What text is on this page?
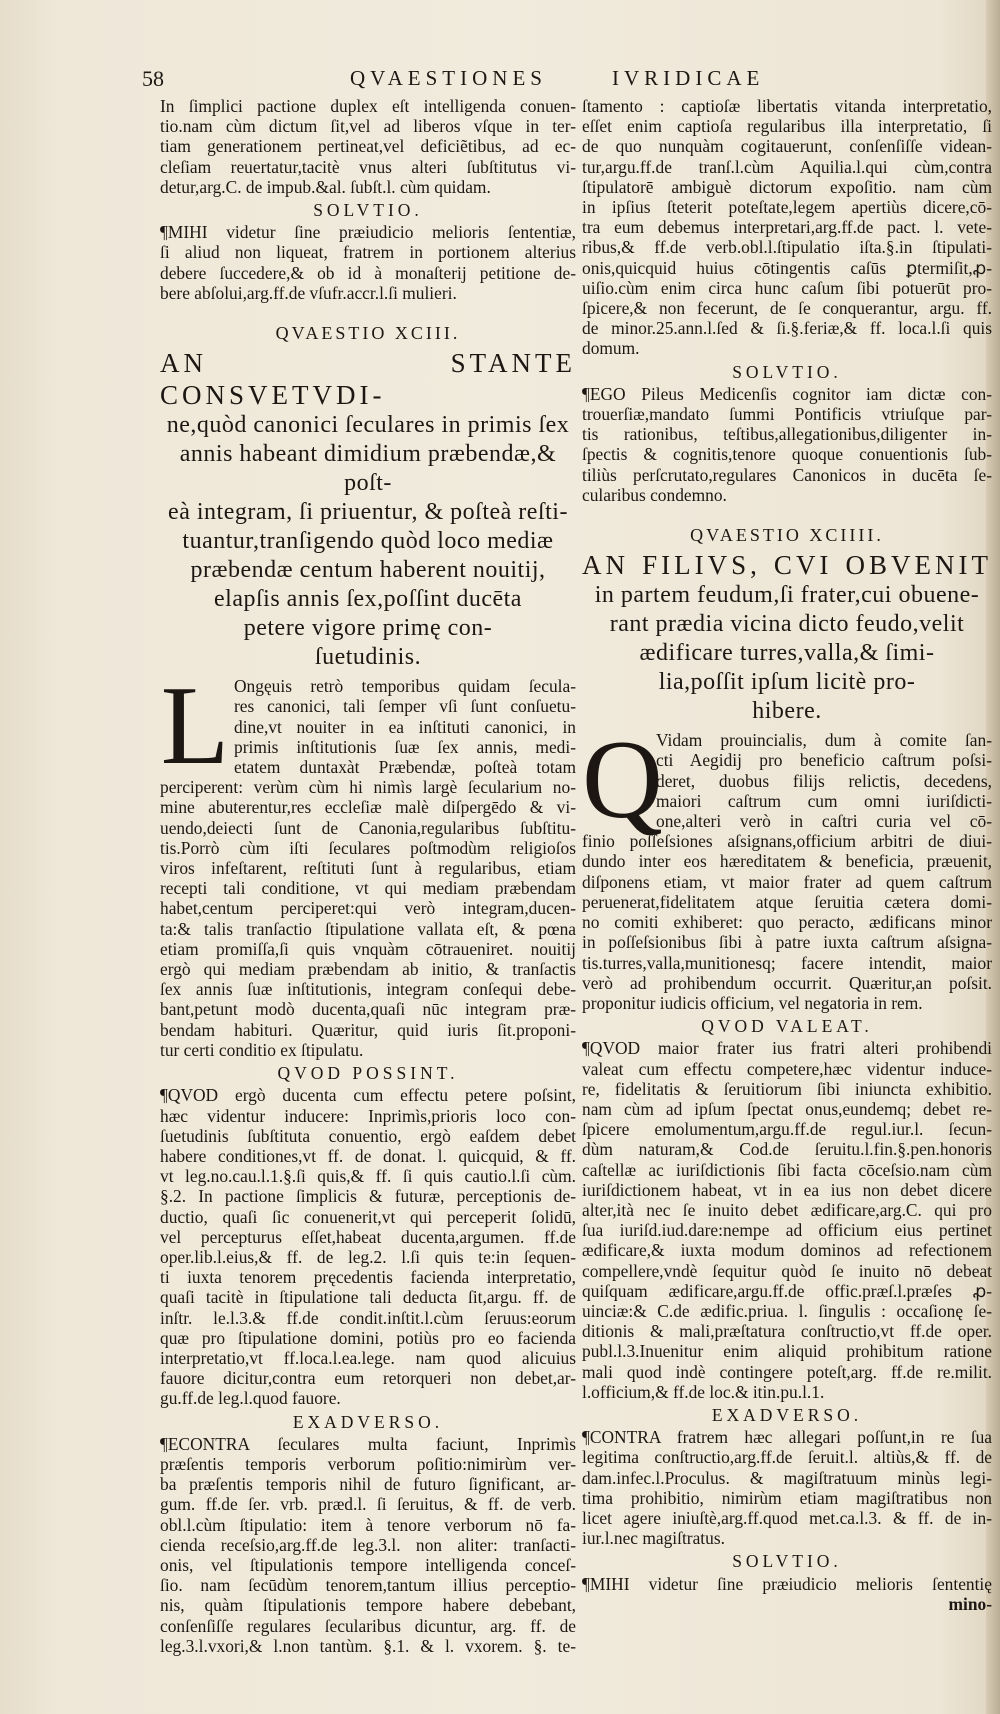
58	QVAESTIONES	IVRIDICAE

In ſimplici pactione duplex eſt intelligenda conuen-

tio.nam cùm dictum ſit,vel ad liberos vſque in ter-

tiam generationem pertineat,vel deficiẽtibus, ad ec-

cleſiam reuertatur,tacitè vnus alteri ſubſtitutus vi-

detur,arg.C. de impub.&al. ſubſt.l. cùm quidam.

SOLVTIO.

¶MIHI videtur ſine præiudicio melioris ſententiæ,

ſi aliud non liqueat, fratrem in portionem alterius

debere ſuccedere,& ob id à monaſterij petitione de-

bere abſolui,arg.ff.de vſufr.accr.l.ſi mulieri.

QVAESTIO XCIII.
AN STANTE CONSVETVDI-
ne,quòd canonici ſeculares in primis ſex
annis habeant dimidium præbendæ,& poſt-
eà integram, ſi priuentur, & poſteà reſti-
tuantur,tranſigendo quòd loco mediæ
præbendæ centum haberent nouitij,
elapſis annis ſex,poſſint ducēta
petere vigore primę con-
ſuetudinis.
L Ongęuis retrò temporibus quidam ſecula-

res canonici, tali ſemper vſi ſunt conſuetu-

dine,vt nouiter in ea inſtituti canonici, in

primis inſtitutionis ſuæ ſex annis, medi-

etatem duntaxàt Præbendæ, poſteà totam

perciperent: verùm cùm hi nimìs largè ſecularium no-

mine abuterentur,res eccleſiæ malè diſpergēdo & vi-

uendo,deiecti ſunt de Canonia,regularibus ſubſtitu-

tis.Porrò cùm iſti ſeculares poſtmodùm religioſos

viros infeſtarent, reſtituti ſunt à regularibus, etiam

recepti tali conditione, vt qui mediam præbendam

habet,centum perciperet:qui verò integram,ducen-

ta:& talis tranſactio ſtipulatione vallata eſt, & pœna

etiam promiſſa,ſi quis vnquàm cōtraueniret. nouitij

ergò qui mediam præbendam ab initio, & tranſactis

ſex annis ſuæ inſtitutionis, integram conſequi debe-

bant,petunt modò ducenta,quaſi nūc integram præ-

bendam habituri. Quæritur, quid iuris ſit.proponi-

tur certi conditio ex ſtipulatu.

QVOD POSSINT.

¶QVOD ergò ducenta cum effectu petere poſsint,

hæc videntur inducere: Inprimìs,prioris loco con-

ſuetudinis ſubſtituta conuentio, ergò eaſdem debet

habere conditiones,vt ff. de donat. l. quicquid, & ff.

vt leg.no.cau.l.1.§.ſi quis,& ff. ſi quis cautio.l.ſi cùm.

§.2. In pactione ſimplicis & futuræ, perceptionis de-

ductio, quaſi ſic conuenerit,vt qui perceperit ſolidū,

vel percepturus eſſet,habeat ducenta,argumen. ff.de

oper.lib.l.eius,& ff. de leg.2. l.ſi quis te:in ſequen-

ti iuxta tenorem pręcedentis facienda interpretatio,

quaſi tacitè in ſtipulatione tali deducta ſit,argu. ff. de

inſtr. le.l.3.& ff.de condit.inſtit.l.cùm ſeruus:eorum

quæ pro ſtipulatione domini, potiùs pro eo facienda

interpretatio,vt ff.loca.l.ea.lege. nam quod alicuius

fauore dicitur,contra eum retorqueri non debet,ar-

gu.ff.de leg.l.quod fauore.

EXADVERSO.

¶ECONTRA ſeculares multa faciunt, Inprimìs

præſentis temporis verborum poſitio:nimirùm ver-

ba præſentis temporis nihil de futuro ſignificant, ar-

gum. ff.de ſer. vrb. præd.l. ſi ſeruitus, & ff. de verb.

obl.l.cùm ſtipulatio: item à tenore verborum nō fa-

cienda receſsio,arg.ff.de leg.3.l. non aliter: tranſacti-

onis, vel ſtipulationis tempore intelligenda conceſ-

ſio. nam ſecūdùm tenorem,tantum illius perceptio-

nis, quàm ſtipulationis tempore habere debebant,

conſenſiſſe regulares ſecularibus dicuntur, arg. ff. de

leg.3.l.vxori,& l.non tantùm. §.1. & l. vxorem. §. te-

ſtamento : captioſæ libertatis vitanda interpretatio,

eſſet enim captioſa regularibus illa interpretatio, ſi

de quo nunquàm cogitauerunt, conſenſiſſe videan-

tur,argu.ff.de tranſ.l.cùm Aquilia.l.qui cùm,contra

ſtipulatorē ambiguè dictorum expoſitio. nam cùm

in ipſius ſteterit poteſtate,legem apertiùs dicere,cō-

tra eum debemus interpretari,arg.ff.de pact. l. vete-

ribus,& ff.de verb.obl.l.ſtipulatio iſta.§.in ſtipulati-

onis,quicquid huius cōtingentis caſūs ꝑtermiſit,ꝓ-

uiſio.cùm enim circa hunc caſum ſibi potuerūt pro-

ſpicere,& non fecerunt, de ſe conquerantur, argu. ff.

de minor.25.ann.l.ſed & ſi.§.feriæ,& ff. loca.l.ſi quis

domum.

SOLVTIO.

¶EGO Pileus Medicenſis cognitor iam dictæ con-

trouerſiæ,mandato ſummi Pontificis vtriuſque par-

tis rationibus, teſtibus,allegationibus,diligenter in-

ſpectis & cognitis,tenore quoque conuentionis ſub-

tiliùs perſcrutato,regulares Canonicos in ducēta ſe-

cularibus condemno.

QVAESTIO XCIIII.
AN FILIVS, CVI OBVENIT
in partem feudum,ſi frater,cui obuene-
rant prædia vicina dicto feudo,velit
ædificare turres,valla,& ſimi-
lia,poſſit ipſum licitè pro-
hibere.
Q

Vidam prouincialis, dum à comite ſan-

cti Aegidij pro beneficio caſtrum poſsi-

deret, duobus filijs relictis, decedens,

maiori caſtrum cum omni iuriſdicti-

one,alteri verò in caſtri curia vel cō-

finio poſſeſsiones aſsignans,officium arbitri de diui-

dundo inter eos hæreditatem & beneficia, præuenit,

diſponens etiam, vt maior frater ad quem caſtrum

peruenerat,fidelitatem atque ſeruitia cætera domi-

no comiti exhiberet: quo peracto, ædificans minor

in poſſeſsionibus ſibi à patre iuxta caſtrum aſsigna-

tis.turres,valla,munitionesq; facere intendit, maior

verò ad prohibendum occurrit. Quæritur,an poſsit.

proponitur iudicis officium, vel negatoria in rem.

QVOD VALEAT.

¶QVOD maior frater ius fratri alteri prohibendi

valeat cum effectu competere,hæc videntur induce-

re, fidelitatis & ſeruitiorum ſibi iniuncta exhibitio.

nam cùm ad ipſum ſpectat onus,eundemq; debet re-

ſpicere emolumentum,argu.ff.de regul.iur.l. ſecun-

dùm naturam,& Cod.de ſeruitu.l.fin.§.pen.honoris

caſtellæ ac iuriſdictionis ſibi facta cōceſsio.nam cùm

iuriſdictionem habeat, vt in ea ius non debet dicere

alter,ità nec ſe inuito debet ædificare,arg.C. qui pro

ſua iuriſd.iud.dare:nempe ad officium eius pertinet

ædificare,& iuxta modum dominos ad refectionem

compellere,vndè ſequitur quòd ſe inuito nō debeat

quiſquam ædificare,argu.ff.de offic.præſ.l.præſes ꝓ-

uinciæ:& C.de ædific.priua. l. ſingulis : occaſionę ſe-

ditionis & mali,præſtatura conſtructio,vt ff.de oper.

publ.l.3.Inuenitur enim aliquid prohibitum ratione

mali quod indè contingere poteſt,arg. ff.de re.milit.

l.officium,& ff.de loc.& itin.pu.l.1.

EXADVERSO.

¶CONTRA fratrem hæc allegari poſſunt,in re ſua

legitima conſtructio,arg.ff.de ſeruit.l. altiùs,& ff. de

dam.infec.l.Proculus. & magiſtratuum minùs legi-

tima prohibitio, nimirùm etiam magiſtratibus non

licet agere iniuſtè,arg.ff.quod met.ca.l.3. & ff. de in-

iur.l.nec magiſtratus.

SOLVTIO.

¶MIHI videtur ſine præiudicio melioris ſententię

mino-
